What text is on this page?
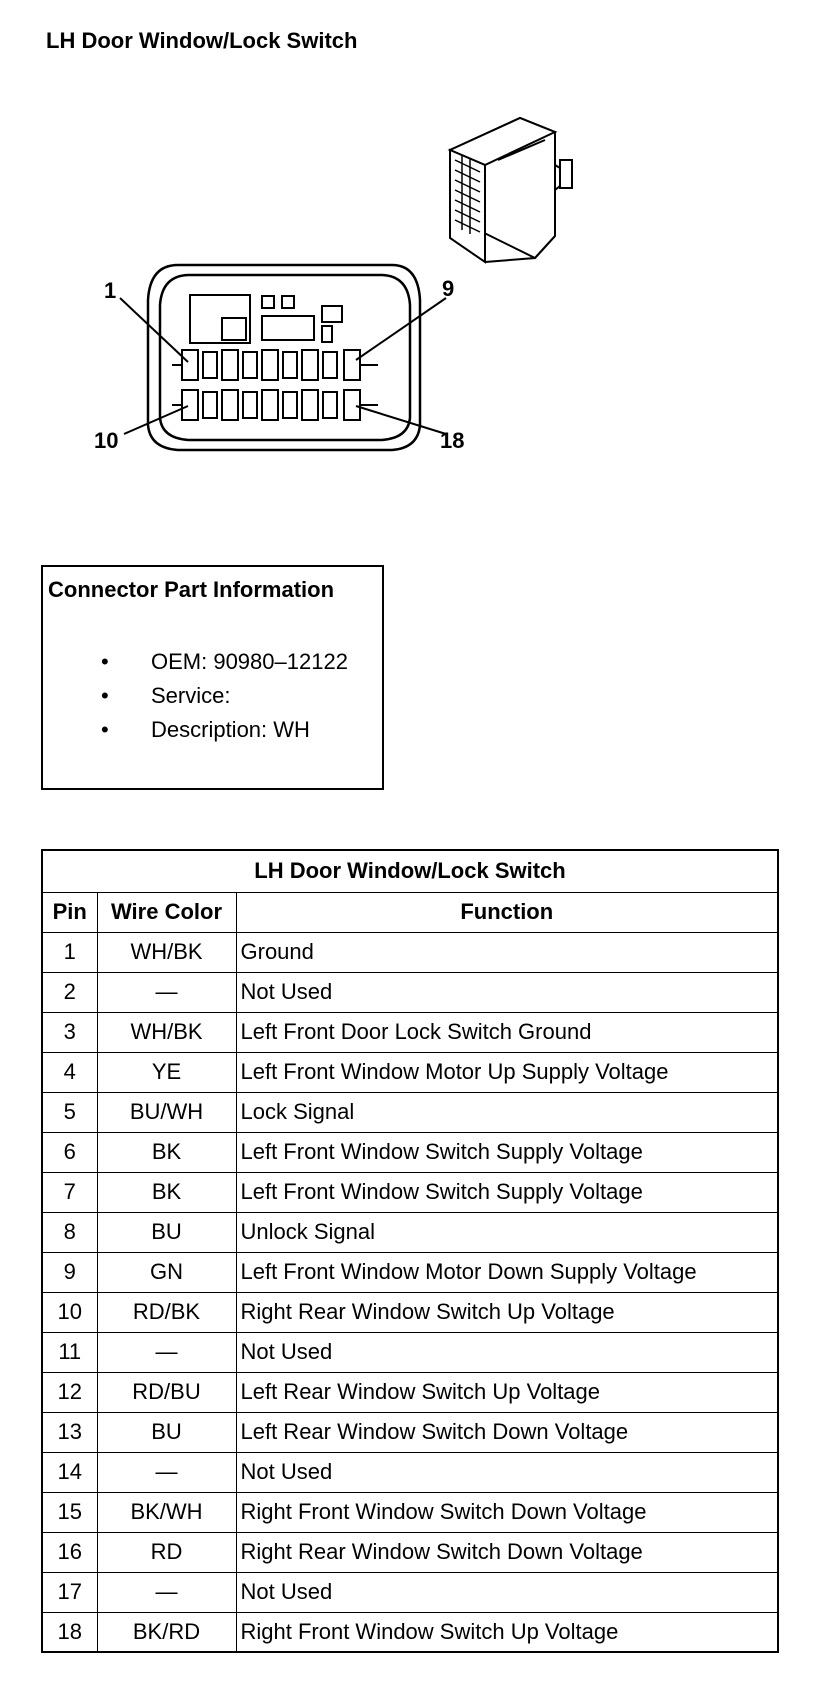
LH Door Window/Lock Switch
1	9
10	18
Connector Part Information
• OEM: 90980–12122
• Service:
• Description: WH
LH Door Window/Lock Switch		
Pin	Wire Color	Function
1	WH/BK	Ground
2	—	Not Used
3	WH/BK	Left Front Door Lock Switch Ground
4	YE	Left Front Window Motor Up Supply Voltage
5	BU/WH	Lock Signal
6	BK	Left Front Window Switch Supply Voltage
7	BK	Left Front Window Switch Supply Voltage
8	BU	Unlock Signal
9	GN	Left Front Window Motor Down Supply Voltage
10	RD/BK	Right Rear Window Switch Up Voltage
11	—	Not Used
12	RD/BU	Left Rear Window Switch Up Voltage
13	BU	Left Rear Window Switch Down Voltage
14	—	Not Used
15	BK/WH	Right Front Window Switch Down Voltage
16	RD	Right Rear Window Switch Down Voltage
17	—	Not Used
18	BK/RD	Right Front Window Switch Up Voltage
